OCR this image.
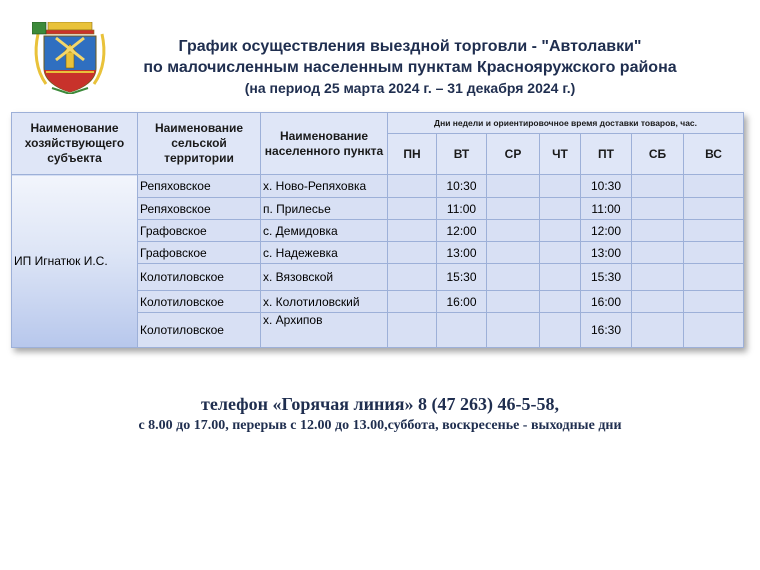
График осуществления выездной торговли - "Автолавки"
по малочисленным населенным пунктам Краснояружского района
(на период 25 марта 2024 г. – 31 декабря 2024 г.)
Наименование хозяйствующего субъекта	Наименование сельской территории	Наименование населенного пункта	Дни недели и ориентировочное время доставки товаров, час.						
			ПН	ВТ	СР	ЧТ	ПТ	СБ	ВС
ИП Игнатюк И.С.	Репяховское	х. Ново-Репяховка		10:30			10:30		
	Репяховское	п. Прилесье		11:00			11:00		
	Графовское	с. Демидовка		12:00			12:00		
	Графовское	с. Надежевка		13:00			13:00		
	Колотиловское	х. Вязовской		15:30			15:30		
	Колотиловское	х. Колотиловский		16:00			16:00		
	Колотиловское	х. Архипов					16:30		
телефон «Горячая линия» 8 (47 263) 46-5-58,
с 8.00 до 17.00, перерыв с 12.00 до 13.00,суббота, воскресенье - выходные дни
